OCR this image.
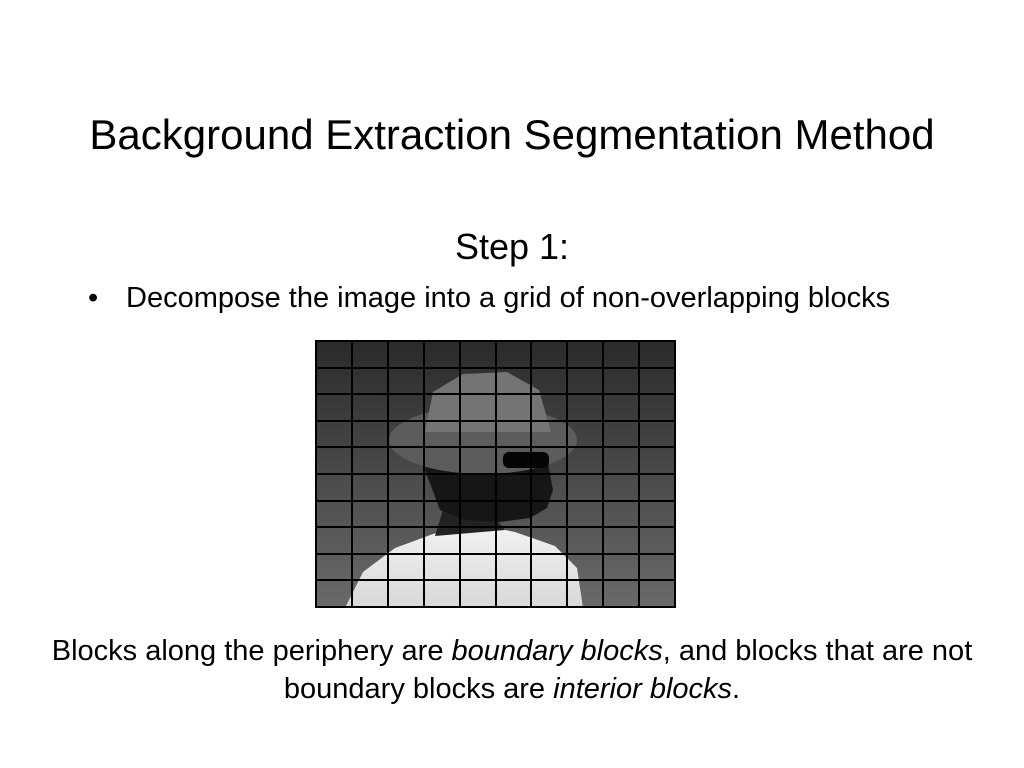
Background Extraction Segmentation Method
Step 1:
• Decompose the image into a grid of non-overlapping blocks
Blocks along the periphery are boundary blocks, and blocks that are not boundary blocks are interior blocks.
